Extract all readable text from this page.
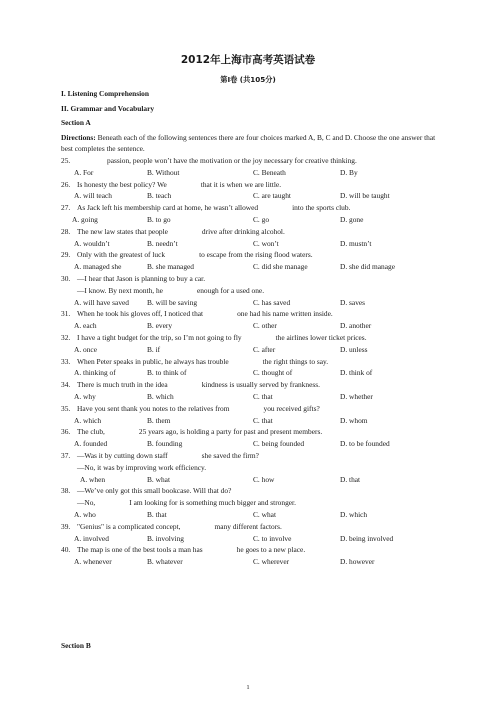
2012年上海市高考英语试卷
第I卷 (共105分)
I. Listening Comprehension
II. Grammar and Vocabulary
Section A
Directions: Beneath each of the following sentences there are four choices marked A, B, C and D. Choose the one answer that best completes the sentence.
25.	passion, people won’t have the motivation or the joy necessary for creative thinking.
A. For	B. Without	C. Beneath	D. By
26. Is honesty the best policy? We	that it is when we are little.
A. will teach	B. teach	C. are taught	D. will be taught
27. As Jack left his membership card at home, he wasn’t allowed	into the sports club.
A. going	B. to go	C. go	D. gone
28. The new law states that people	drive after drinking alcohol.
A. wouldn’t	B. needn’t	C. won’t	D. mustn’t
29. Only with the greatest of luck	to escape from the rising flood waters.
A. managed she	B. she managed	C. did she manage	D. she did manage
30. —I hear that Jason is planning to buy a car.
—I know. By next month, he	enough for a used one.
A. will have saved B. will be saving	C. has saved	D. saves
31. When he took his gloves off, I noticed that	one had his name written inside.
A. each	B. every	C. other	D. another
32. I have a tight budget for the trip, so I’m not going to fly	the airlines lower ticket prices.
A. once	B. if	C. after	D. unless
33. When Peter speaks in public, he always has trouble	the right things to say.
A. thinking of	B. to think of	C. thought of	D. think of
34. There is much truth in the idea	kindness is usually served by frankness.
A. why	B. which	C. that	D. whether
35. Have you sent thank you notes to the relatives from	you received gifts?
A. which	B. them	C. that	D. whom
36. The club,	25 years ago, is holding a party for past and present members.
A. founded	B. founding	C. being founded	D. to be founded
37. —Was it by cutting down staff	she saved the firm?
—No, it was by improving work efficiency.
A. when	B. what	C. how	D. that
38. —We’ve only got this small bookcase. Will that do?
—No,	I am looking for is something much bigger and stronger.
A. who	B. that	C. what	D. which
39. "Genius" is a complicated concept,	many different factors.
A. involved	B. involving	C. to involve	D. being involved
40. The map is one of the best tools a man has	he goes to a new place.
A. whenever	B. whatever	C. wherever	D. however
Section B
1
